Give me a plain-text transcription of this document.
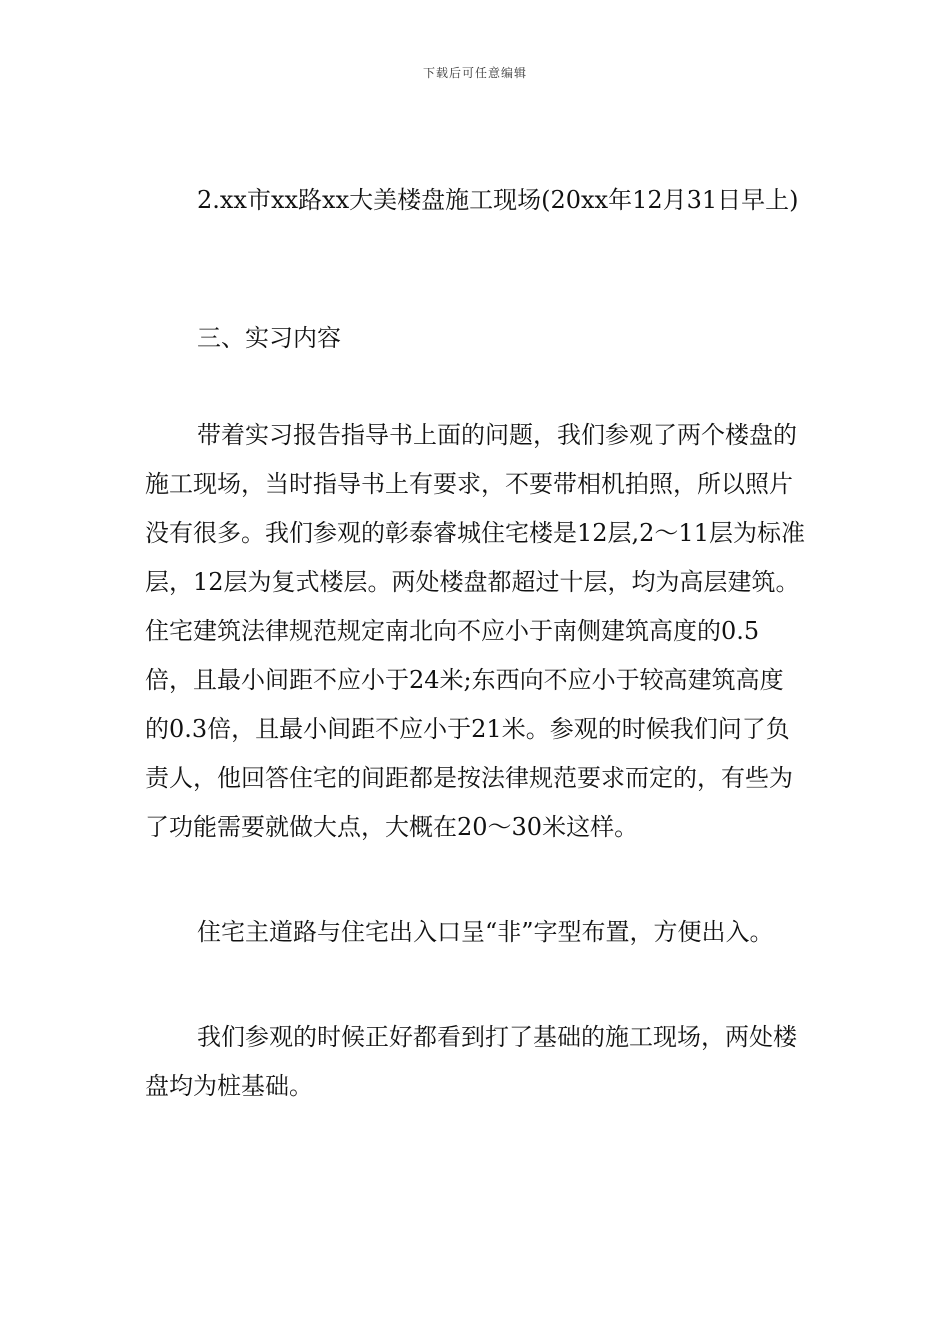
下载后可任意编辑

2.xx市xx路xx大美楼盘施工现场(20xx年12月31日早上)

三、实习内容

带着实习报告指导书上面的问题，我们参观了两个楼盘的施工现场，当时指导书上有要求，不要带相机拍照，所以照片没有很多。我们参观的彰泰睿城住宅楼是12层,2～11层为标准层，12层为复式楼层。两处楼盘都超过十层，均为高层建筑。住宅建筑法律规范规定南北向不应小于南侧建筑高度的0.5倍，且最小间距不应小于24米;东西向不应小于较高建筑高度的0.3倍，且最小间距不应小于21米。参观的时候我们问了负责人，他回答住宅的间距都是按法律规范要求而定的，有些为了功能需要就做大点，大概在20～30米这样。

住宅主道路与住宅出入口呈“非”字型布置，方便出入。

我们参观的时候正好都看到打了基础的施工现场，两处楼盘均为桩基础。
